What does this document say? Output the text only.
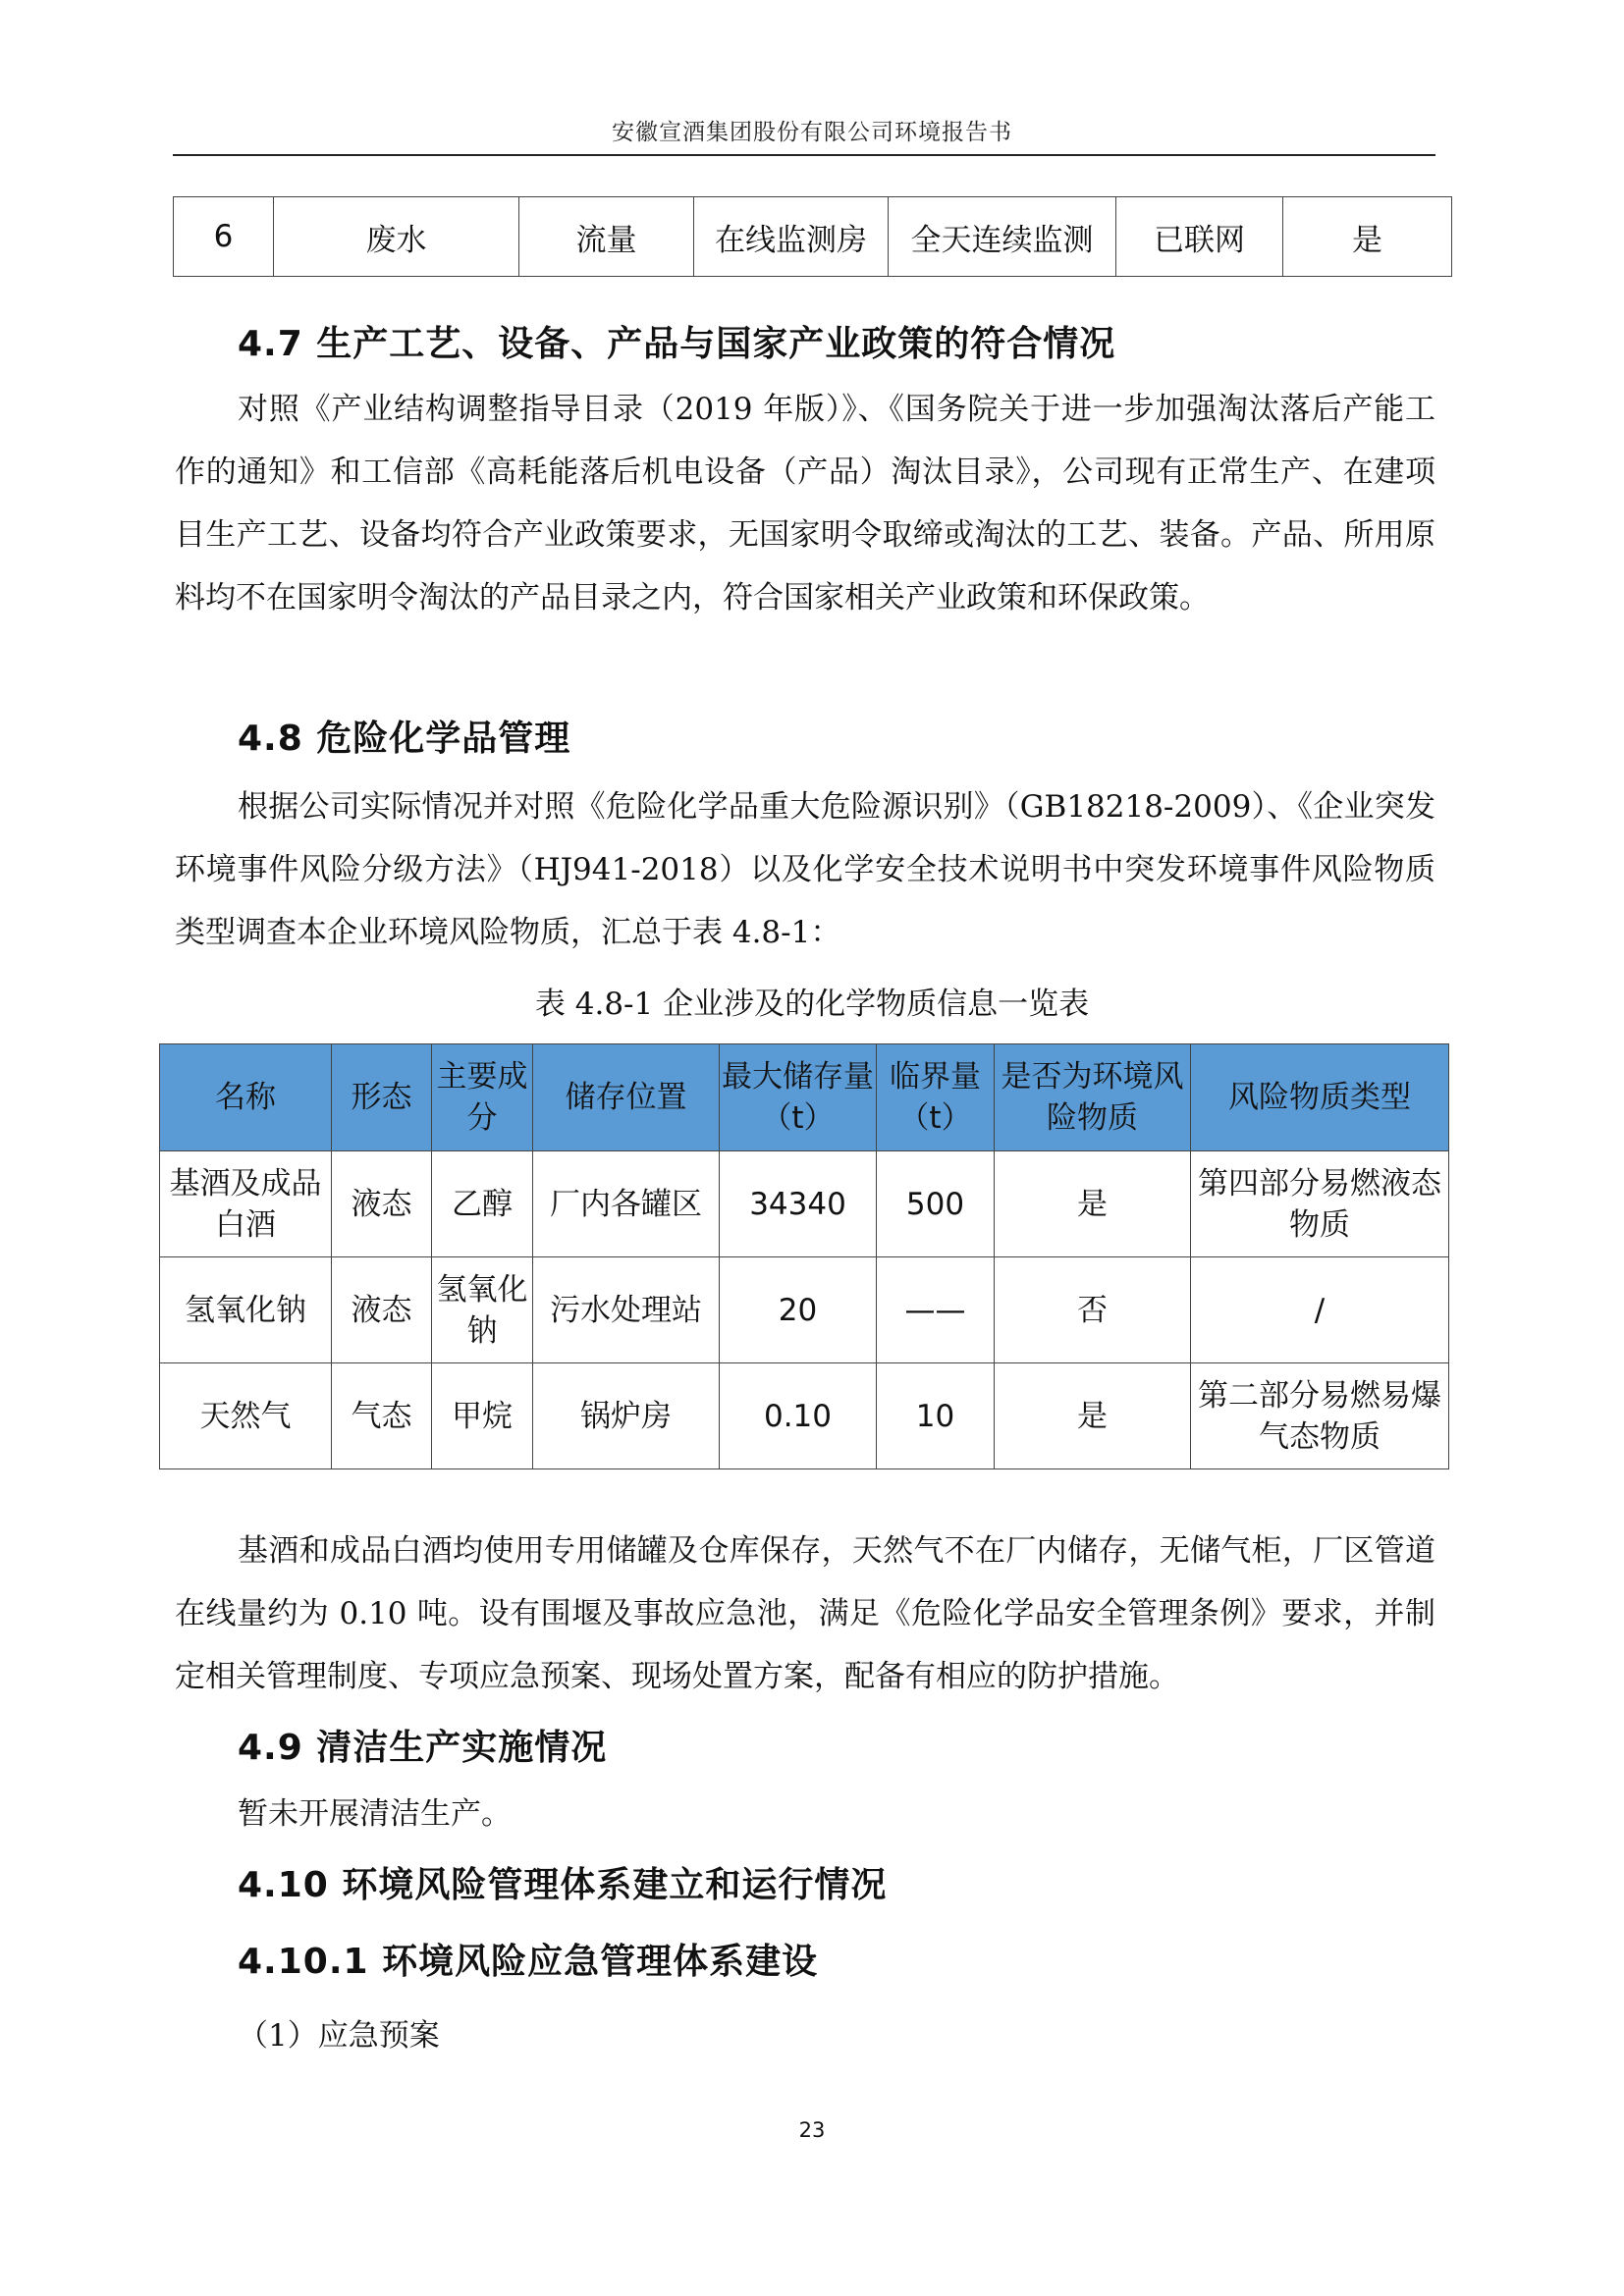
安徽宣酒集团股份有限公司环境报告书
6	废水	流量	在线监测房	全天连续监测	已联网	是
4.7 生产工艺、设备、产品与国家产业政策的符合情况

对照《产业结构调整指导目录（2019 年版）》、《国务院关于进一步加强淘汰落后产能工作的通知》和工信部《高耗能落后机电设备（产品）淘汰目录》，公司现有正常生产、在建项目生产工艺、设备均符合产业政策要求，无国家明令取缔或淘汰的工艺、装备。产品、所用原料均不在国家明令淘汰的产品目录之内，符合国家相关产业政策和环保政策。

4.8 危险化学品管理

根据公司实际情况并对照《危险化学品重大危险源识别》（GB18218-2009）、《企业突发环境事件风险分级方法》（HJ941-2018）以及化学安全技术说明书中突发环境事件风险物质类型调查本企业环境风险物质，汇总于表 4.8-1：

表 4.8-1 企业涉及的化学物质信息一览表
名称	形态	主要成分	储存位置	最大储存量（t）	临界量（t）	是否为环境风险物质	风险物质类型
基酒及成品白酒	液态	乙醇	厂内各罐区	34340	500	是	第四部分易燃液态物质
氢氧化钠	液态	氢氧化钠	污水处理站	20	——	否	/
天然气	气态	甲烷	锅炉房	0.10	10	是	第二部分易燃易爆气态物质

基酒和成品白酒均使用专用储罐及仓库保存，天然气不在厂内储存，无储气柜，厂区管道在线量约为 0.10 吨。设有围堰及事故应急池，满足《危险化学品安全管理条例》要求，并制定相关管理制度、专项应急预案、现场处置方案，配备有相应的防护措施。

4.9 清洁生产实施情况
暂未开展清洁生产。
4.10 环境风险管理体系建立和运行情况
4.10.1 环境风险应急管理体系建设
（1）应急预案
23
